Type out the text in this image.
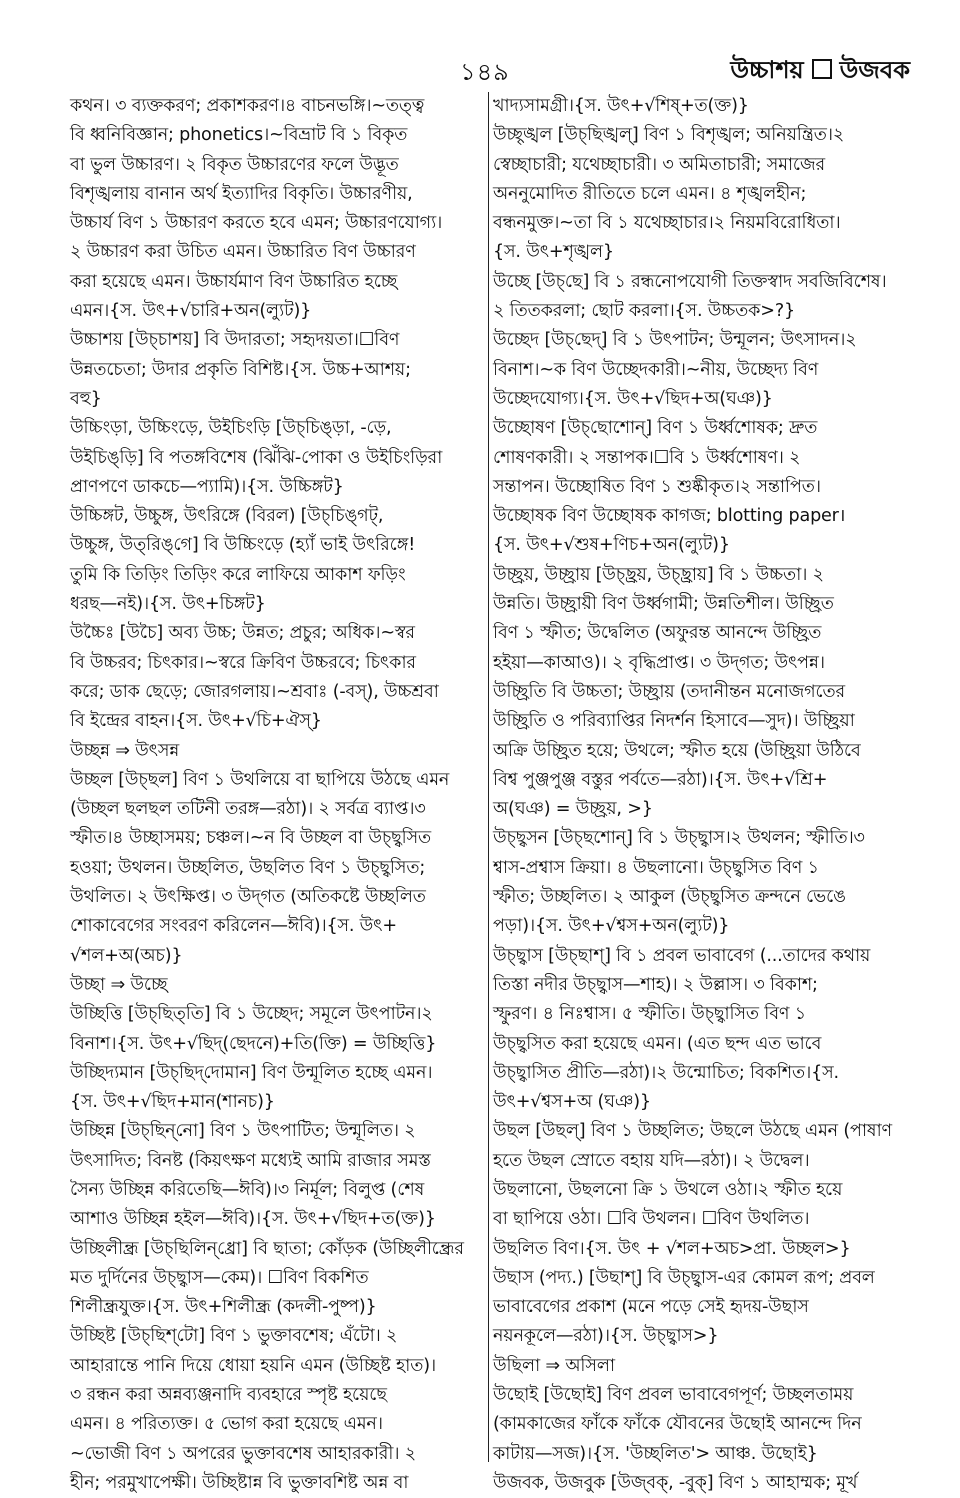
১৪৯	উচ্চাশয় উজবক
কথন। ৩ ব্যক্তকরণ; প্রকাশকরণ।৪ বাচনভঙ্গি।~তত্ত্ব
বি ধ্বনিবিজ্ঞান; phonetics।~বিভ্রাট বি ১ বিকৃত
বা ভুল উচ্চারণ। ২ বিকৃত উচ্চারণের ফলে উদ্ভূত
বিশৃঙ্খলায় বানান অর্থ ইত্যাদির বিকৃতি। উচ্চারণীয়,
উচ্চার্য বিণ ১ উচ্চারণ করতে হবে এমন; উচ্চারণযোগ্য।
২ উচ্চারণ করা উচিত এমন। উচ্চারিত বিণ উচ্চারণ
করা হয়েছে এমন। উচ্চার্যমাণ বিণ উচ্চারিত হচ্ছে
এমন।{স. উৎ+√চারি+অন(ল্যুট)}
উচ্চাশয় [উচ্‌চাশয়] বি উদারতা; সহৃদয়তা।☐বিণ
উন্নতচেতা; উদার প্রকৃতি বিশিষ্ট।{স. উচ্চ+আশয়;
বহু}
উচ্চিংড়া, উচ্চিংড়ে, উইচিংড়ি [উচ্‌চিঙ্‌ড়া, -ড়ে,
উইচিঙ্‌ড়ি] বি পতঙ্গবিশেষ (ঝিঁঝি-পোকা ও উইচিংড়িরা
প্রাণপণে ডাকচে—প্যামি)।{স. উচ্চিঙ্গট}
উচ্চিঙ্গট, উচ্চুঙ্গ, উৎরিঙ্গে (বিরল) [উচ্‌চিঙ্‌গট্‌,
উচ্চুঙ্গ, উত্‌রিঙ্‌গে] বি উচ্চিংড়ে (হ্যাঁ ভাই উৎরিঙ্গে!
তুমি কি তিড়িং তিড়িং করে লাফিয়ে আকাশ ফড়িং
ধরছ—নই)।{স. উৎ+চিঙ্গট}
উচ্চৈঃ [উচৈ] অব্য উচ্চ; উন্নত; প্রচুর; অধিক।~স্বর
বি উচ্চরব; চিৎকার।~স্বরে ক্রিবিণ উচ্চরবে; চিৎকার
করে; ডাক ছেড়ে; জোরগলায়।~শ্রবাঃ (-বস্‌), উচ্চশ্রবা
বি ইন্দ্রের বাহন।{স. উৎ+√চি+ঐস্‌}
উচ্ছন্ন ⇒ উৎসন্ন
উচ্ছল [উচ্‌ছল] বিণ ১ উথলিয়ে বা ছাপিয়ে উঠছে এমন
(উচ্ছল ছলছল তটিনী তরঙ্গ—রঠা)। ২ সর্বত্র ব্যাপ্ত।৩
স্ফীত।৪ উচ্ছাসময়; চঞ্চল।~ন বি উচ্ছল বা উচ্ছ্বসিত
হওয়া; উথলন। উচ্ছলিত, উছলিত বিণ ১ উচ্ছ্বসিত;
উথলিত। ২ উৎক্ষিপ্ত। ৩ উদ্‌গত (অতিকষ্টে উচ্ছলিত
শোকাবেগের সংবরণ করিলেন—ঈবি)।{স. উৎ+
√শল+অ(অচ)}
উচ্ছা ⇒ উচ্ছে
উচ্ছিত্তি [উচ্‌ছিত্‌তি] বি ১ উচ্ছেদ; সমূলে উৎপাটন।২
বিনাশ।{স. উৎ+√ছিদ্‌(ছেদনে)+তি(ক্তি) = উচ্ছিত্তি}
উচ্ছিদ্যমান [উচ্‌ছিদ্‌দোমান] বিণ উন্মূলিত হচ্ছে এমন।
{স. উৎ+√ছিদ+মান(শানচ)}
উচ্ছিন্ন [উচ্‌ছিন্‌নো] বিণ ১ উৎপাটিত; উন্মূলিত। ২
উৎসাদিত; বিনষ্ট (কিয়ৎক্ষণ মধ্যেই আমি রাজার সমস্ত
সৈন্য উচ্ছিন্ন করিতেছি—ঈবি)।৩ নির্মূল; বিলুপ্ত (শেষ
আশাও উচ্ছিন্ন হইল—ঈবি)।{স. উৎ+√ছিদ+ত(ক্ত)}
উচ্ছিলীন্ধ্র [উচ্‌ছিলিন্‌ধ্রো] বি ছাতা; কোঁড়ক (উচ্ছিলীন্ধ্রের
মত দুর্দিনের উচ্ছ্বাস—কেম)। ☐বিণ বিকশিত
শিলীন্ধ্রযুক্ত।{স. উৎ+শিলীন্ধ্র (কদলী-পুষ্প)}
উচ্ছিষ্ট [উচ্‌ছিশ্‌টো] বিণ ১ ভুক্তাবশেষ; এঁটো। ২
আহারান্তে পানি দিয়ে ধোয়া হয়নি এমন (উচ্ছিষ্ট হাত)।
৩ রন্ধন করা অন্নব্যঞ্জনাদি ব্যবহারে স্পৃষ্ট হয়েছে
এমন। ৪ পরিত্যক্ত। ৫ ভোগ করা হয়েছে এমন।
~ভোজী বিণ ১ অপরের ভুক্তাবশেষ আহারকারী। ২
হীন; পরমুখাপেক্ষী। উচ্ছিষ্টান্ন বি ভুক্তাবশিষ্ট অন্ন বা
খাদ্যসামগ্রী।{স. উৎ+√শিষ্‌+ত(ক্ত)}
উচ্ছৃঙ্খল [উচ্‌ছিঙ্খল্‌] বিণ ১ বিশৃঙ্খল; অনিয়ন্ত্রিত।২
স্বেচ্ছাচারী; যথেচ্ছাচারী। ৩ অমিতাচারী; সমাজের
অননুমোদিত রীতিতে চলে এমন। ৪ শৃঙ্খলহীন;
বন্ধনমুক্ত।~তা বি ১ যথেচ্ছাচার।২ নিয়মবিরোধিতা।
{স. উৎ+শৃঙ্খল}
উচ্ছে [উচ্‌ছে] বি ১ রন্ধনোপযোগী তিক্তস্বাদ সবজিবিশেষ।
২ তিতকরলা; ছোট করলা।{স. উচ্চতক>?}
উচ্ছেদ [উচ্‌ছেদ্‌] বি ১ উৎপাটন; উন্মূলন; উৎসাদন।২
বিনাশ।~ক বিণ উচ্ছেদকারী।~নীয়, উচ্ছেদ্য বিণ
উচ্ছেদযোগ্য।{স. উৎ+√ছিদ+অ(ঘঞ)}
উচ্ছোষণ [উচ্‌ছোশোন্‌] বিণ ১ উর্ধ্বশোষক; দ্রুত
শোষণকারী। ২ সন্তাপক।☐বি ১ উর্ধ্বশোষণ। ২
সন্তাপন। উচ্ছোষিত বিণ ১ শুষ্কীকৃত।২ সন্তাপিত।
উচ্ছোষক বিণ উচ্ছোষক কাগজ; blotting paper।
{স. উৎ+√শুষ+ণিচ+অন(ল্যুট)}
উচ্ছ্রয়, উচ্ছ্রায় [উচ্‌ছ্রয়, উচ্‌ছ্রায়] বি ১ উচ্চতা। ২
উন্নতি। উচ্ছ্রায়ী বিণ উর্ধ্বগামী; উন্নতিশীল। উচ্ছ্রিত
বিণ ১ স্ফীত; উদ্বেলিত (অফুরন্ত আনন্দে উচ্ছ্রিত
হইয়া—কাআও)। ২ বৃদ্ধিপ্রাপ্ত। ৩ উদ্‌গত; উৎপন্ন।
উচ্ছ্রিতি বি উচ্চতা; উচ্ছ্রায় (তদানীন্তন মনোজগতের
উচ্ছ্রিতি ও পরিব্যাপ্তির নিদর্শন হিসাবে—সুদ)। উচ্ছ্রিয়া
অক্রি উচ্ছ্রিত হয়ে; উথলে; স্ফীত হয়ে (উচ্ছ্রিয়া উঠিবে
বিশ্ব পুঞ্জপুঞ্জ বস্তুর পর্বতে—রঠা)।{স. উৎ+√শ্রি+
অ(ঘঞ) = উচ্ছ্রয়, >}
উচ্ছ্বসন [উচ্‌ছশোন্‌] বি ১ উচ্ছ্বাস।২ উথলন; স্ফীতি।৩
শ্বাস-প্রশ্বাস ক্রিয়া। ৪ উছলানো। উচ্ছ্বসিত বিণ ১
স্ফীত; উচ্ছলিত। ২ আকুল (উচ্ছ্বসিত ক্রন্দনে ভেঙে
পড়া)।{স. উৎ+√শ্বস+অন(ল্যুট)}
উচ্ছ্বাস [উচ্‌ছাশ্‌] বি ১ প্রবল ভাবাবেগ (...তাদের কথায়
তিস্তা নদীর উচ্ছ্বাস—শাহ)। ২ উল্লাস। ৩ বিকাশ;
স্ফুরণ। ৪ নিঃশ্বাস। ৫ স্ফীতি। উচ্ছ্বাসিত বিণ ১
উচ্ছ্বসিত করা হয়েছে এমন। (এত ছন্দ এত ভাবে
উচ্ছ্বাসিত প্রীতি—রঠা)।২ উন্মোচিত; বিকশিত।{স.
উৎ+√শ্বস+অ (ঘঞ)}
উছল [উছল্‌] বিণ ১ উচ্ছলিত; উছলে উঠছে এমন (পাষাণ
হতে উছল স্রোতে বহায় যদি—রঠা)। ২ উদ্বেল।
উছলানো, উছলনো ক্রি ১ উথলে ওঠা।২ স্ফীত হয়ে
বা ছাপিয়ে ওঠা। ☐বি উথলন। ☐বিণ উথলিত।
উছলিত বিণ।{স. উৎ + √শল+অচ>প্রা. উচ্ছল>}
উছাস (পদ্য.) [উছাশ্‌] বি উচ্ছ্বাস-এর কোমল রূপ; প্রবল
ভাবাবেগের প্রকাশ (মনে পড়ে সেই হৃদয়-উছাস
নয়নকূলে—রঠা)।{স. উচ্ছ্বাস>}
উছিলা ⇒ অসিলা
উছোই [উছোই] বিণ প্রবল ভাবাবেগপূর্ণ; উচ্ছলতাময়
(কামকাজের ফাঁকে ফাঁকে যৌবনের উছোই আনন্দে দিন
কাটায়—সজ)।{স. 'উচ্ছলিত'> আঞ্চ. উছোই}
উজবক, উজবুক [উজ্‌বক্‌, -বুক্‌] বিণ ১ আহাম্মক; মূর্খ
